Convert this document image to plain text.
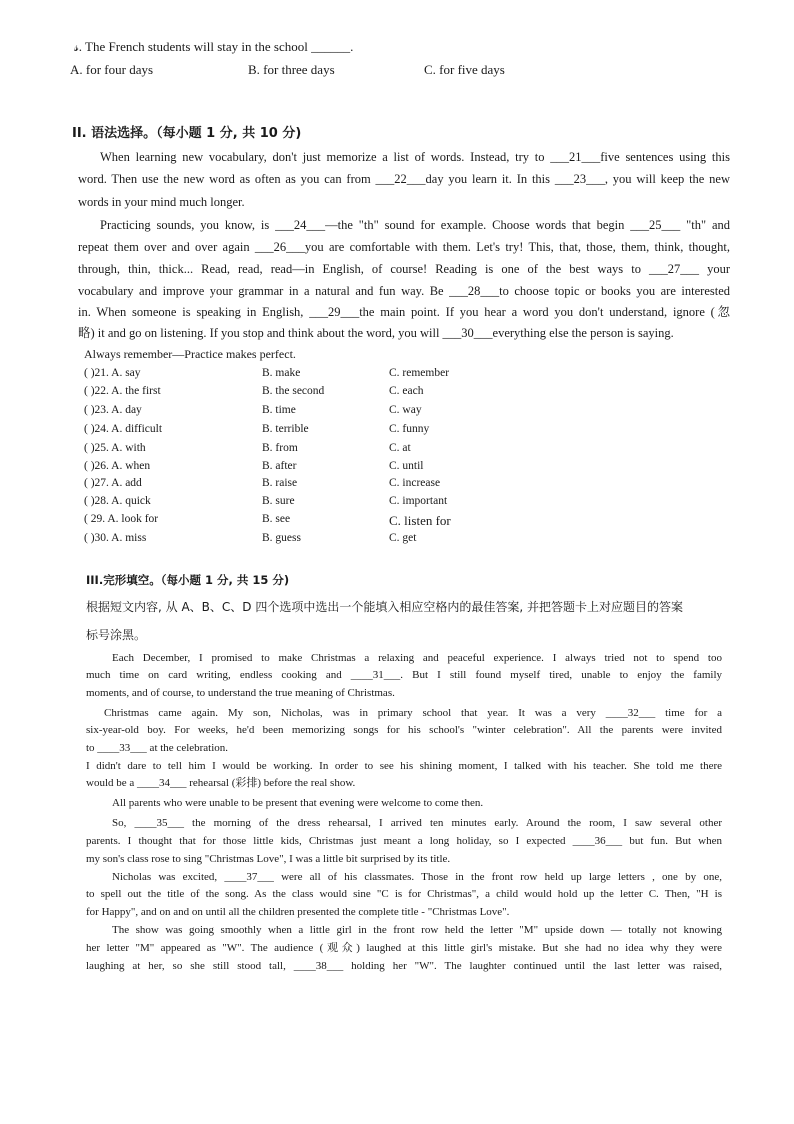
𝓈. The French students will stay in the school ______.
A. for four days	B. for three days	C. for five days
II. 语法选择。（每小题 1 分, 共 10 分)
When learning new vocabulary, don't just memorize a list of words. Instead, try to ___21___five sentences using this
word. Then use the new word as often as you can from ___22___day you learn it. In this ___23___, you will keep the new
words in your mind much longer.
Practicing sounds, you know, is ___24___—the "th" sound for example. Choose words that begin ___25___ "th" and
repeat them over and over again ___26___you are comfortable with them. Let's try! This, that, those, them, think, thought,
through, thin, thick... Read, read, read—in English, of course! Reading is one of the best ways to ___27___ your
vocabulary and improve your grammar in a natural and fun way. Be ___28___to choose topic or books you are interested
in. When someone is speaking in English, ___29___the main point. If you hear a word you don't understand, ignore (忽
略) it and go on listening. If you stop and think about the word, you will ___30___everything else the person is saying.
Always remember—Practice makes perfect.
( )21. A. say	B. make	C. remember
( )22. A. the first	B. the second	C. each
( )23. A. day	B. time	C. way
( )24. A. difficult	B. terrible	C. funny
( )25. A. with	B. from	C. at
( )26. A. when	B. after	C. until
( )27. A. add	B. raise	C. increase
( )28. A. quick	B. sure	C. important
( 29. A. look for	B. see	C. listen for
( )30. A. miss	B. guess	C. get
III.完形填空。（每小题 1 分, 共 15 分)
根据短文内容, 从 A、B、C、D 四个选项中选出一个能填入相应空格内的最佳答案, 并把答题卡上对应题目的答案
标号涂黑。
Each December, I promised to make Christmas a relaxing and peaceful experience. I always tried not to spend too
much time on card writing, endless cooking and ____31___. But I still found myself tired, unable to enjoy the family
moments, and of course, to understand the true meaning of Christmas.
Christmas came again. My son, Nicholas, was in primary school that year. It was a very ____32___ time for a
six-year-old boy. For weeks, he'd been memorizing songs for his school's "winter celebration". All the parents were invited
to ____33___ at the celebration.
I didn't dare to tell him I would be working. In order to see his shining moment, I talked with his teacher. She told me there
would be a ____34___ rehearsal (彩排) before the real show.
All parents who were unable to be present that evening were welcome to come then.
So, ____35___ the morning of the dress rehearsal, I arrived ten minutes early. Around the room, I saw several other
parents. I thought that for those little kids, Christmas just meant a long holiday, so I expected ____36___ but fun. But when
my son's class rose to sing "Christmas Love", I was a little bit surprised by its title.
Nicholas was excited, ____37___ were all of his classmates. Those in the front row held up large letters , one by one,
to spell out the title of the song. As the class would sine "C is for Christmas", a child would hold up the letter C. Then, "H is
for Happy", and on and on until all the children presented the complete title - "Christmas Love".
The show was going smoothly when a little girl in the front row held the letter "M" upside down — totally not knowing
her letter "M" appeared as "W". The audience (观众) laughed at this little girl's mistake. But she had no idea why they were
laughing at her, so she still stood tall, ____38___ holding her "W". The laughter continued until the last letter was raised,
